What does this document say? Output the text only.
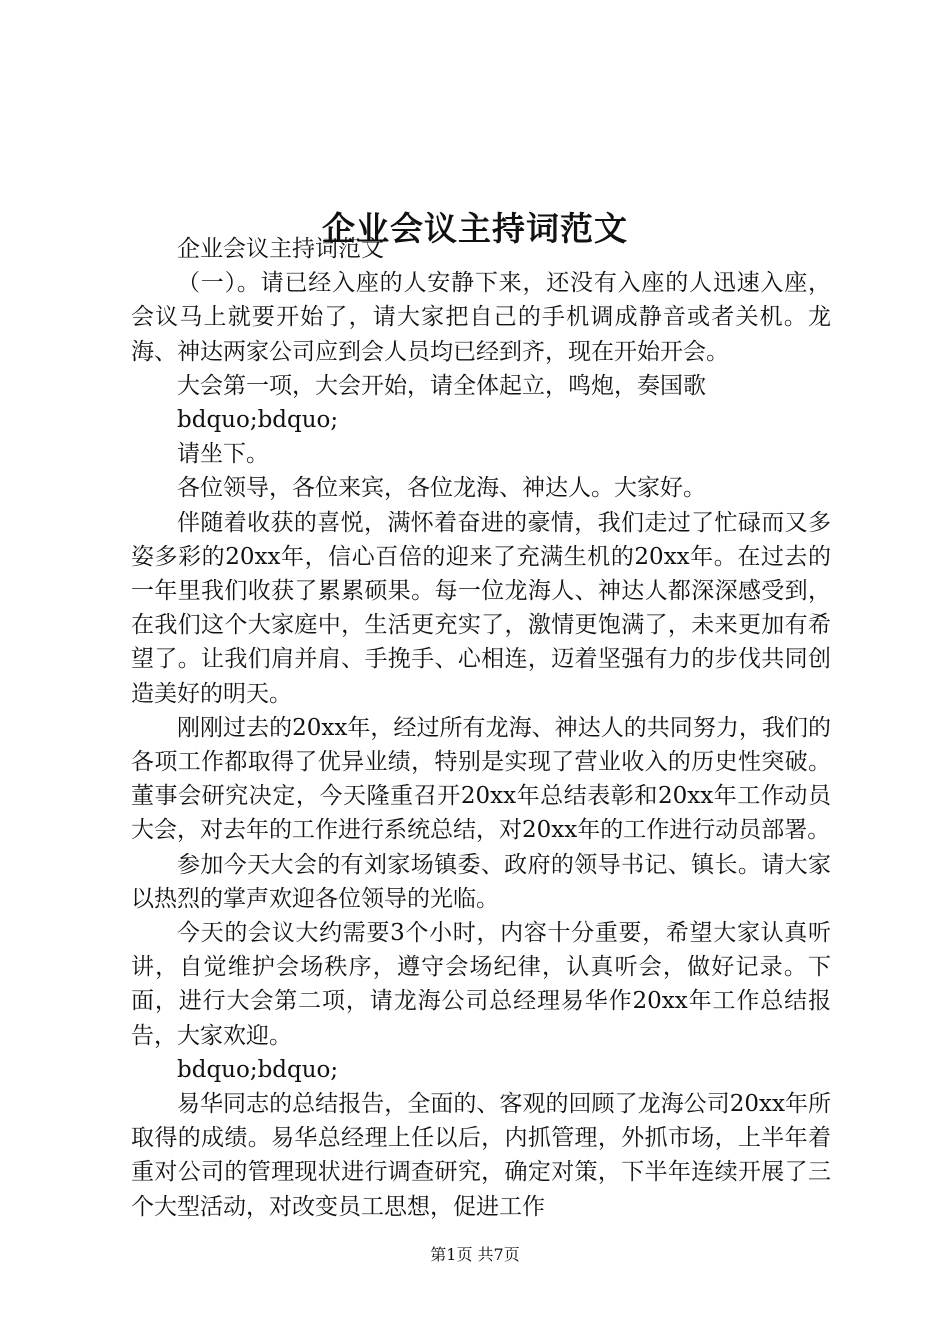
企业会议主持词范文

企业会议主持词范文

（一）。请已经入座的人安静下来，还没有入座的人迅速入座，会议马上就要开始了，请大家把自己的手机调成静音或者关机。龙海、神达两家公司应到会人员均已经到齐，现在开始开会。

大会第一项，大会开始，请全体起立，鸣炮，奏国歌

bdquo;bdquo;

请坐下。

各位领导，各位来宾，各位龙海、神达人。大家好。

伴随着收获的喜悦，满怀着奋进的豪情，我们走过了忙碌而又多姿多彩的20xx年，信心百倍的迎来了充满生机的20xx年。在过去的一年里我们收获了累累硕果。每一位龙海人、神达人都深深感受到，在我们这个大家庭中，生活更充实了，激情更饱满了，未来更加有希望了。让我们肩并肩、手挽手、心相连，迈着坚强有力的步伐共同创造美好的明天。

刚刚过去的20xx年，经过所有龙海、神达人的共同努力，我们的各项工作都取得了优异业绩，特别是实现了营业收入的历史性突破。董事会研究决定，今天隆重召开20xx年总结表彰和20xx年工作动员大会，对去年的工作进行系统总结，对20xx年的工作进行动员部署。

参加今天大会的有刘家场镇委、政府的领导书记、镇长。请大家以热烈的掌声欢迎各位领导的光临。

今天的会议大约需要3个小时，内容十分重要，希望大家认真听讲，自觉维护会场秩序，遵守会场纪律，认真听会，做好记录。下面，进行大会第二项，请龙海公司总经理易华作20xx年工作总结报告，大家欢迎。

bdquo;bdquo;

易华同志的总结报告，全面的、客观的回顾了龙海公司20xx年所取得的成绩。易华总经理上任以后，内抓管理，外抓市场，上半年着重对公司的管理现状进行调查研究，确定对策，下半年连续开展了三个大型活动，对改变员工思想，促进工作

第1页 共7页
